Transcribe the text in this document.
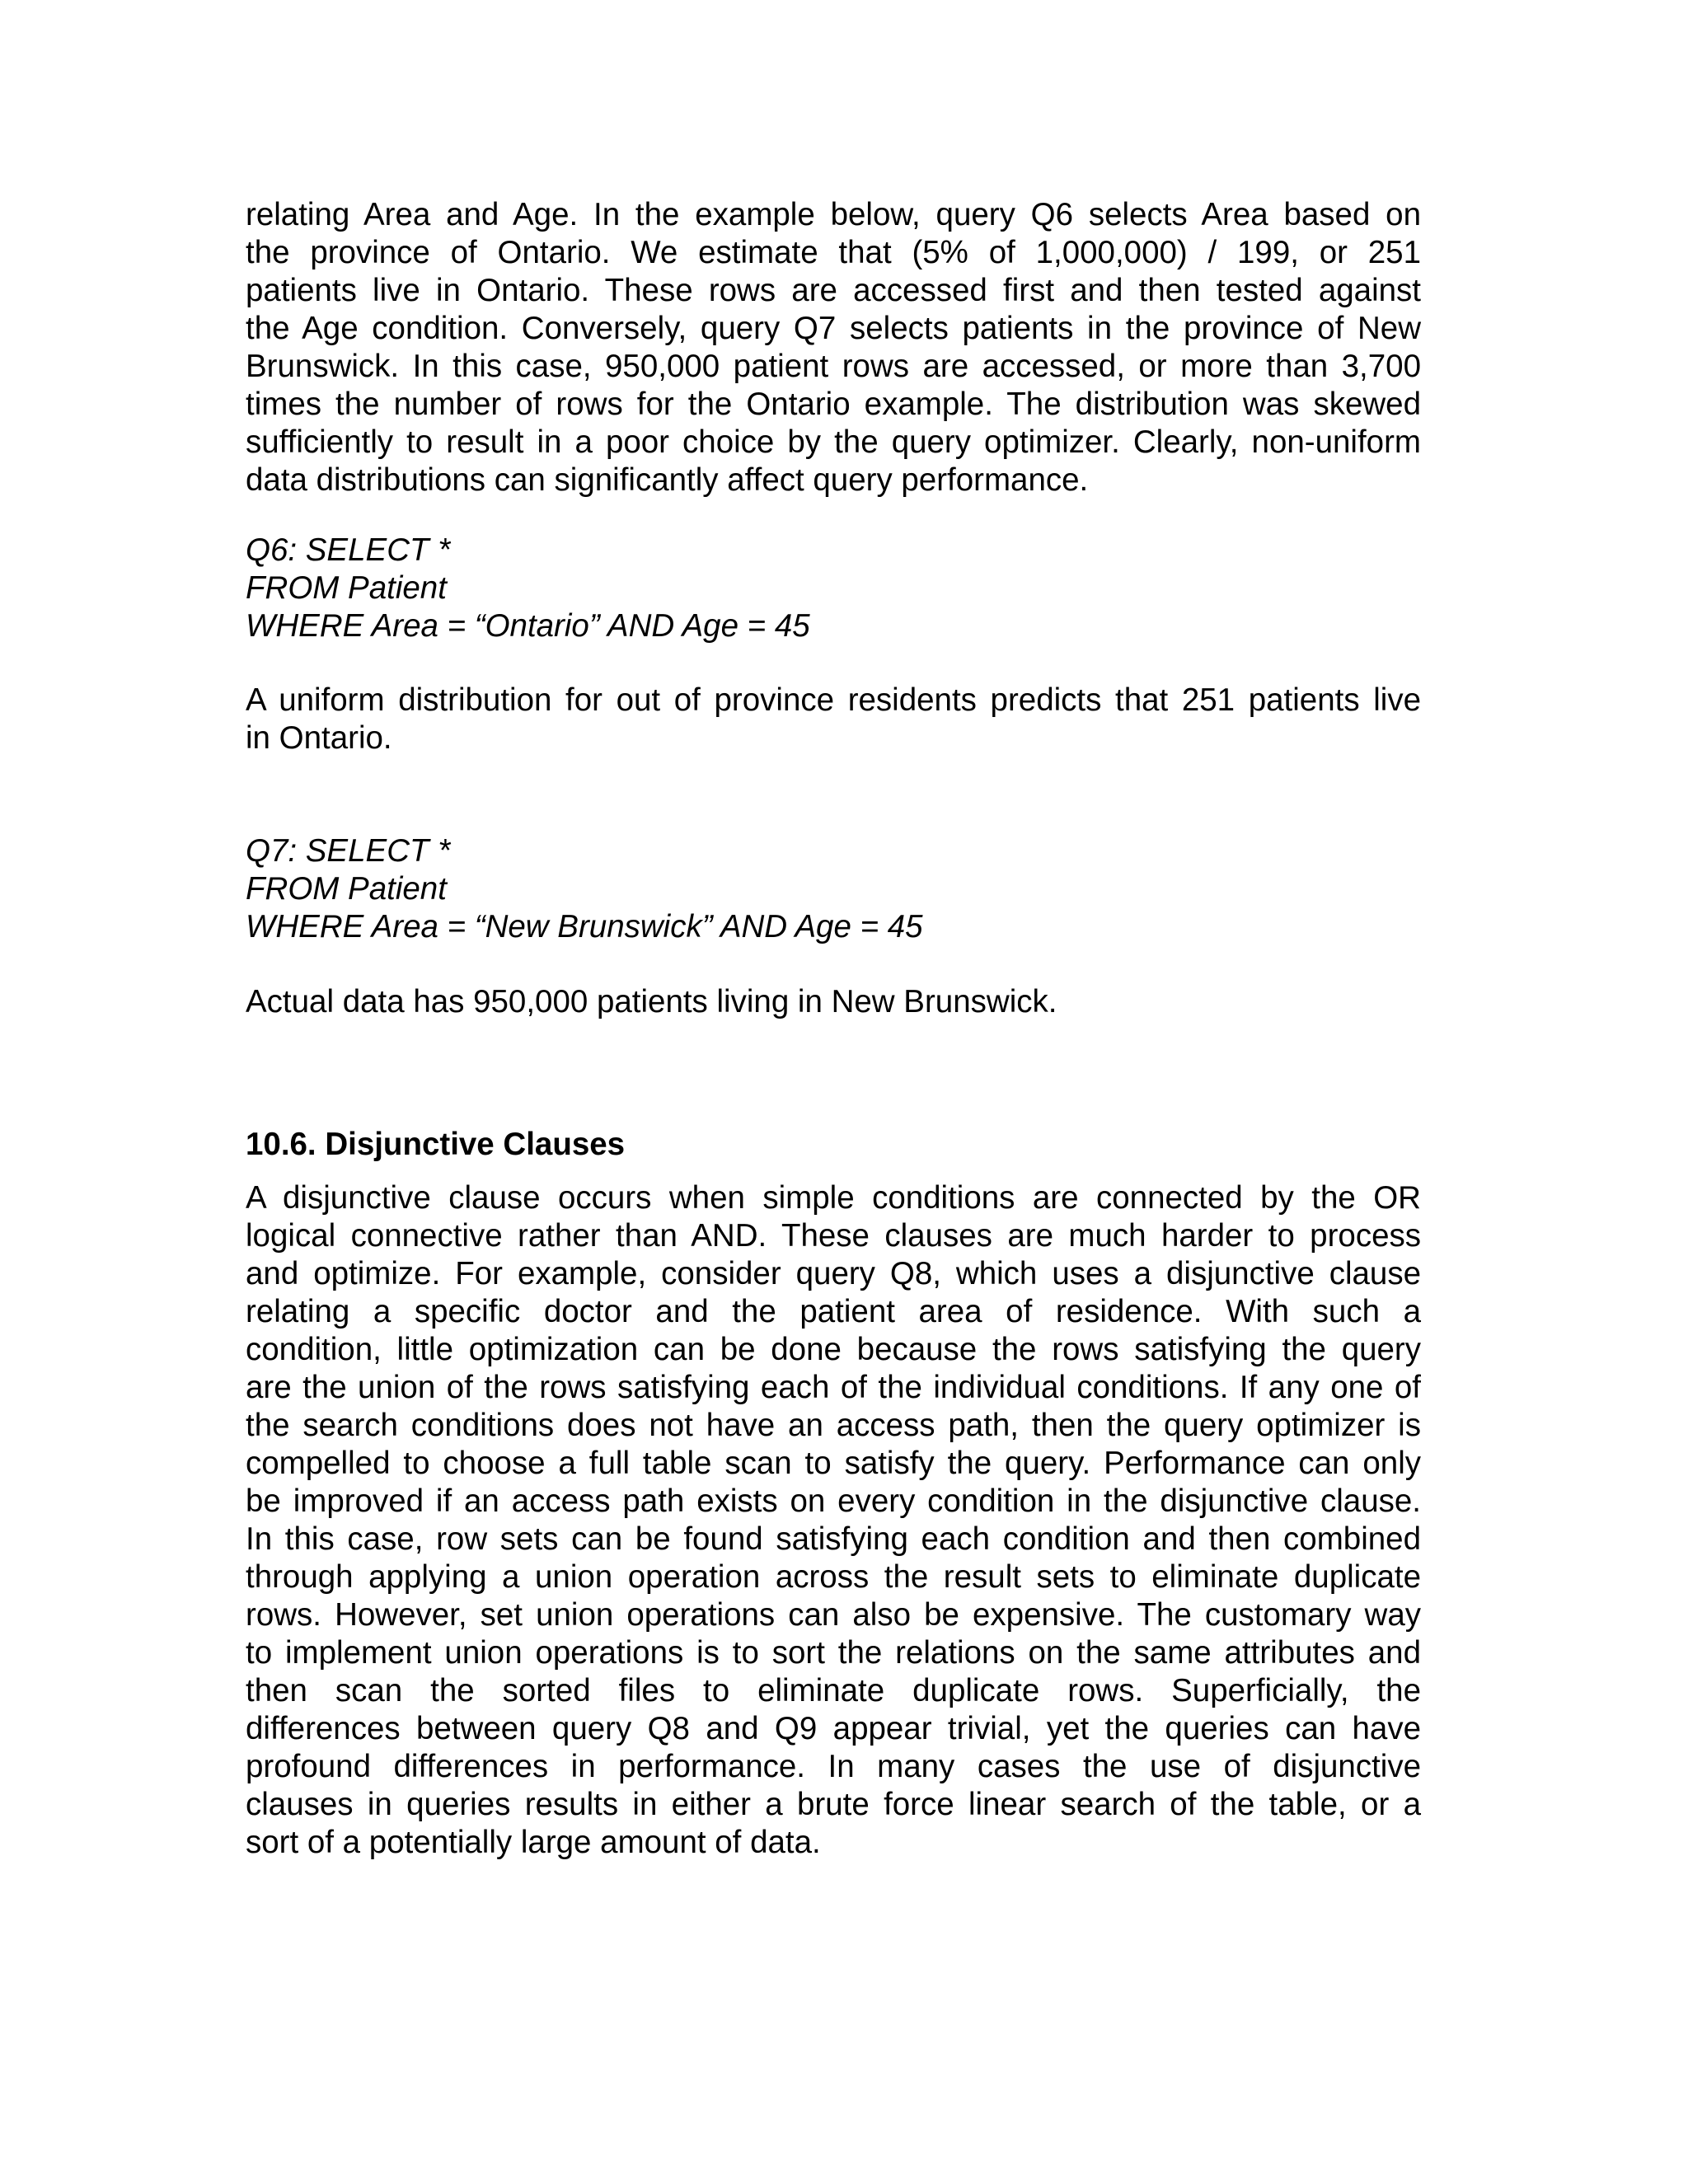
relating Area and Age. In the example below, query Q6 selects Area based on
the province of Ontario. We estimate that (5% of 1,000,000) / 199, or 251
patients live in Ontario. These rows are accessed first and then tested against
the Age condition. Conversely, query Q7 selects patients in the province of New
Brunswick. In this case, 950,000 patient rows are accessed, or more than 3,700
times the number of rows for the Ontario example. The distribution was skewed
sufficiently to result in a poor choice by the query optimizer. Clearly, non-uniform
data distributions can significantly affect query performance.
Q6: SELECT *
FROM Patient
WHERE Area = “Ontario” AND Age = 45
A uniform distribution for out of province residents predicts that 251 patients live
in Ontario.
Q7: SELECT *
FROM Patient
WHERE Area = “New Brunswick” AND Age = 45
Actual data has 950,000 patients living in New Brunswick.
10.6. Disjunctive Clauses
A disjunctive clause occurs when simple conditions are connected by the OR
logical connective rather than AND. These clauses are much harder to process
and optimize. For example, consider query Q8, which uses a disjunctive clause
relating a specific doctor and the patient area of residence. With such a
condition, little optimization can be done because the rows satisfying the query
are the union of the rows satisfying each of the individual conditions. If any one of
the search conditions does not have an access path, then the query optimizer is
compelled to choose a full table scan to satisfy the query. Performance can only
be improved if an access path exists on every condition in the disjunctive clause.
In this case, row sets can be found satisfying each condition and then combined
through applying a union operation across the result sets to eliminate duplicate
rows. However, set union operations can also be expensive. The customary way
to implement union operations is to sort the relations on the same attributes and
then scan the sorted files to eliminate duplicate rows. Superficially, the
differences between query Q8 and Q9 appear trivial, yet the queries can have
profound differences in performance. In many cases the use of disjunctive
clauses in queries results in either a brute force linear search of the table, or a
sort of a potentially large amount of data.
